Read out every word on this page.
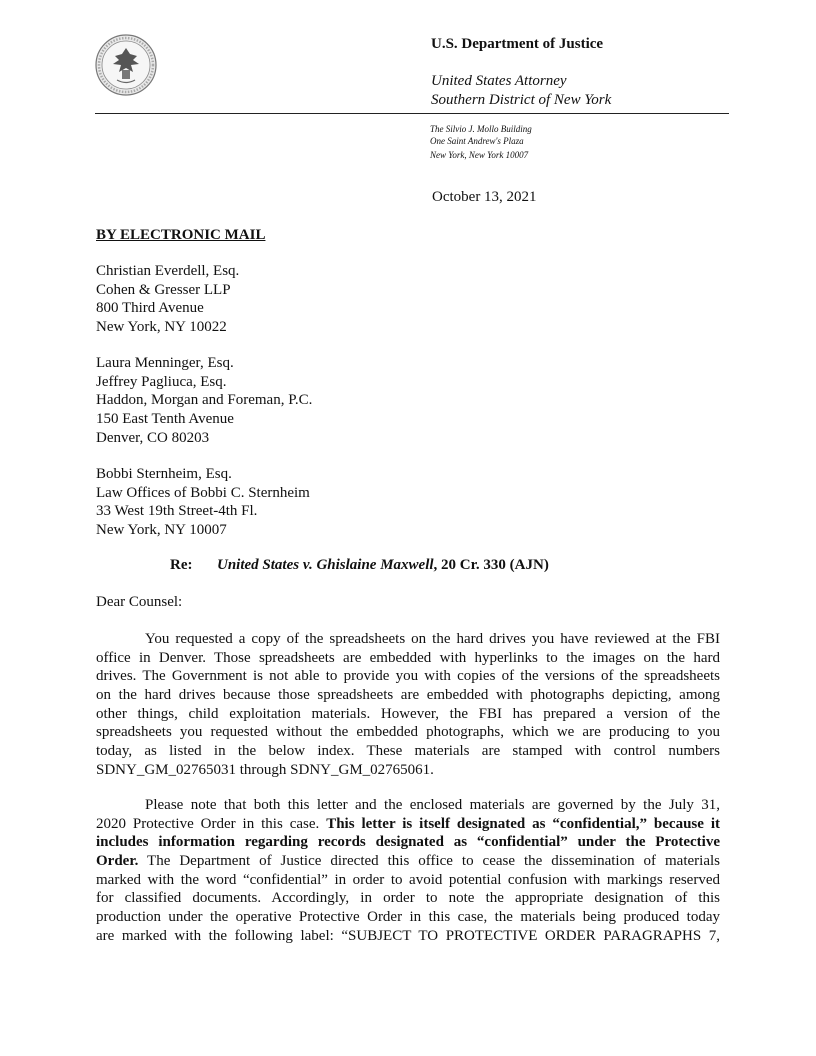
U.S. Department of Justice
United States Attorney
Southern District of New York
The Silvio J. Mollo Building
One Saint Andrew's Plaza
New York, New York 10007
October 13, 2021
BY ELECTRONIC MAIL
Christian Everdell, Esq.
Cohen & Gresser LLP
800 Third Avenue
New York, NY 10022
Laura Menninger, Esq.
Jeffrey Pagliuca, Esq.
Haddon, Morgan and Foreman, P.C.
150 East Tenth Avenue
Denver, CO 80203
Bobbi Sternheim, Esq.
Law Offices of Bobbi C. Sternheim
33 West 19th Street-4th Fl.
New York, NY 10007
Re: United States v. Ghislaine Maxwell, 20 Cr. 330 (AJN)
Dear Counsel:
You requested a copy of the spreadsheets on the hard drives you have reviewed at the FBI
office in Denver. Those spreadsheets are embedded with hyperlinks to the images on the hard
drives. The Government is not able to provide you with copies of the versions of the spreadsheets
on the hard drives because those spreadsheets are embedded with photographs depicting, among
other things, child exploitation materials. However, the FBI has prepared a version of the
spreadsheets you requested without the embedded photographs, which we are producing to you
today, as listed in the below index. These materials are stamped with control numbers
SDNY_GM_02765031 through SDNY_GM_02765061.
Please note that both this letter and the enclosed materials are governed by the July 31,
2020 Protective Order in this case. This letter is itself designated as “confidential,” because it
includes information regarding records designated as “confidential” under the Protective
Order. The Department of Justice directed this office to cease the dissemination of materials
marked with the word “confidential” in order to avoid potential confusion with markings reserved
for classified documents. Accordingly, in order to note the appropriate designation of this
production under the operative Protective Order in this case, the materials being produced today
are marked with the following label: “SUBJECT TO PROTECTIVE ORDER PARAGRAPHS 7,
